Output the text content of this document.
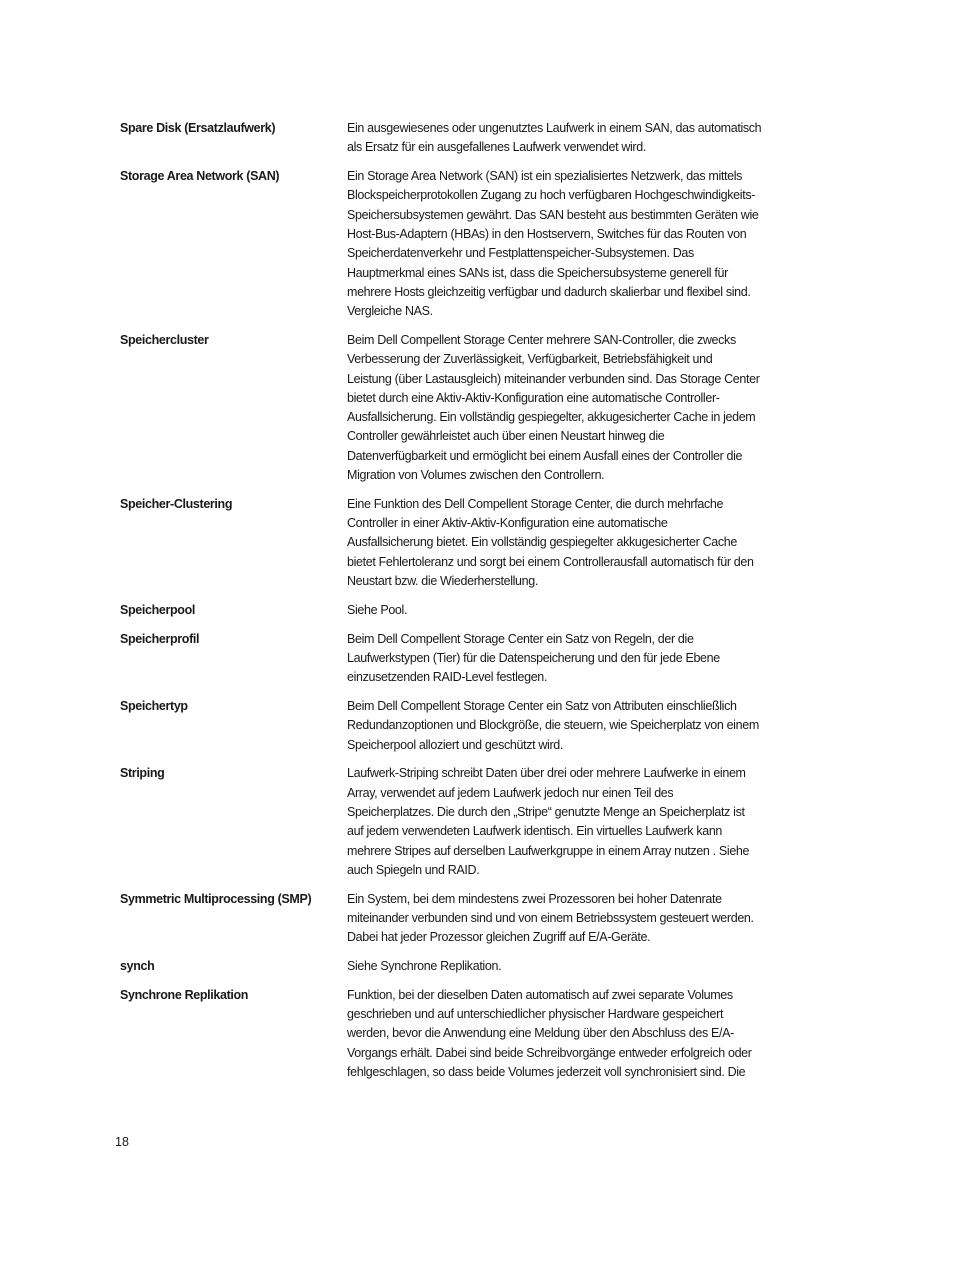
Spare Disk (Ersatzlaufwerk)	Ein ausgewiesenes oder ungenutztes Laufwerk in einem SAN, das automatisch
als Ersatz für ein ausgefallenes Laufwerk verwendet wird.
Storage Area Network (SAN)	Ein Storage Area Network (SAN) ist ein spezialisiertes Netzwerk, das mittels
Blockspeicherprotokollen Zugang zu hoch verfügbaren Hochgeschwindigkeits-
Speichersubsystemen gewährt. Das SAN besteht aus bestimmten Geräten wie
Host-Bus-Adaptern (HBAs) in den Hostservern, Switches für das Routen von
Speicherdatenverkehr und Festplattenspeicher-Subsystemen. Das
Hauptmerkmal eines SANs ist, dass die Speichersubsysteme generell für
mehrere Hosts gleichzeitig verfügbar und dadurch skalierbar und flexibel sind.
Vergleiche NAS.
Speichercluster	Beim Dell Compellent Storage Center mehrere SAN-Controller, die zwecks
Verbesserung der Zuverlässigkeit, Verfügbarkeit, Betriebsfähigkeit und
Leistung (über Lastausgleich) miteinander verbunden sind. Das Storage Center
bietet durch eine Aktiv-Aktiv-Konfiguration eine automatische Controller-
Ausfallsicherung. Ein vollständig gespiegelter, akkugesicherter Cache in jedem
Controller gewährleistet auch über einen Neustart hinweg die
Datenverfügbarkeit und ermöglicht bei einem Ausfall eines der Controller die
Migration von Volumes zwischen den Controllern.
Speicher-Clustering	Eine Funktion des Dell Compellent Storage Center, die durch mehrfache
Controller in einer Aktiv-Aktiv-Konfiguration eine automatische
Ausfallsicherung bietet. Ein vollständig gespiegelter akkugesicherter Cache
bietet Fehlertoleranz und sorgt bei einem Controllerausfall automatisch für den
Neustart bzw. die Wiederherstellung.
Speicherpool	Siehe Pool.
Speicherprofil	Beim Dell Compellent Storage Center ein Satz von Regeln, der die
Laufwerkstypen (Tier) für die Datenspeicherung und den für jede Ebene
einzusetzenden RAID-Level festlegen.
Speichertyp	Beim Dell Compellent Storage Center ein Satz von Attributen einschließlich
Redundanzoptionen und Blockgröße, die steuern, wie Speicherplatz von einem
Speicherpool alloziert und geschützt wird.
Striping	Laufwerk-Striping schreibt Daten über drei oder mehrere Laufwerke in einem
Array, verwendet auf jedem Laufwerk jedoch nur einen Teil des
Speicherplatzes. Die durch den „Stripe“ genutzte Menge an Speicherplatz ist
auf jedem verwendeten Laufwerk identisch. Ein virtuelles Laufwerk kann
mehrere Stripes auf derselben Laufwerkgruppe in einem Array nutzen . Siehe
auch Spiegeln und RAID.
Symmetric Multiprocessing (SMP)	Ein System, bei dem mindestens zwei Prozessoren bei hoher Datenrate
miteinander verbunden sind und von einem Betriebssystem gesteuert werden.
Dabei hat jeder Prozessor gleichen Zugriff auf E/A-Geräte.
synch	Siehe Synchrone Replikation.
Synchrone Replikation	Funktion, bei der dieselben Daten automatisch auf zwei separate Volumes
geschrieben und auf unterschiedlicher physischer Hardware gespeichert
werden, bevor die Anwendung eine Meldung über den Abschluss des E/A-
Vorgangs erhält. Dabei sind beide Schreibvorgänge entweder erfolgreich oder
fehlgeschlagen, so dass beide Volumes jederzeit voll synchronisiert sind. Die
18
